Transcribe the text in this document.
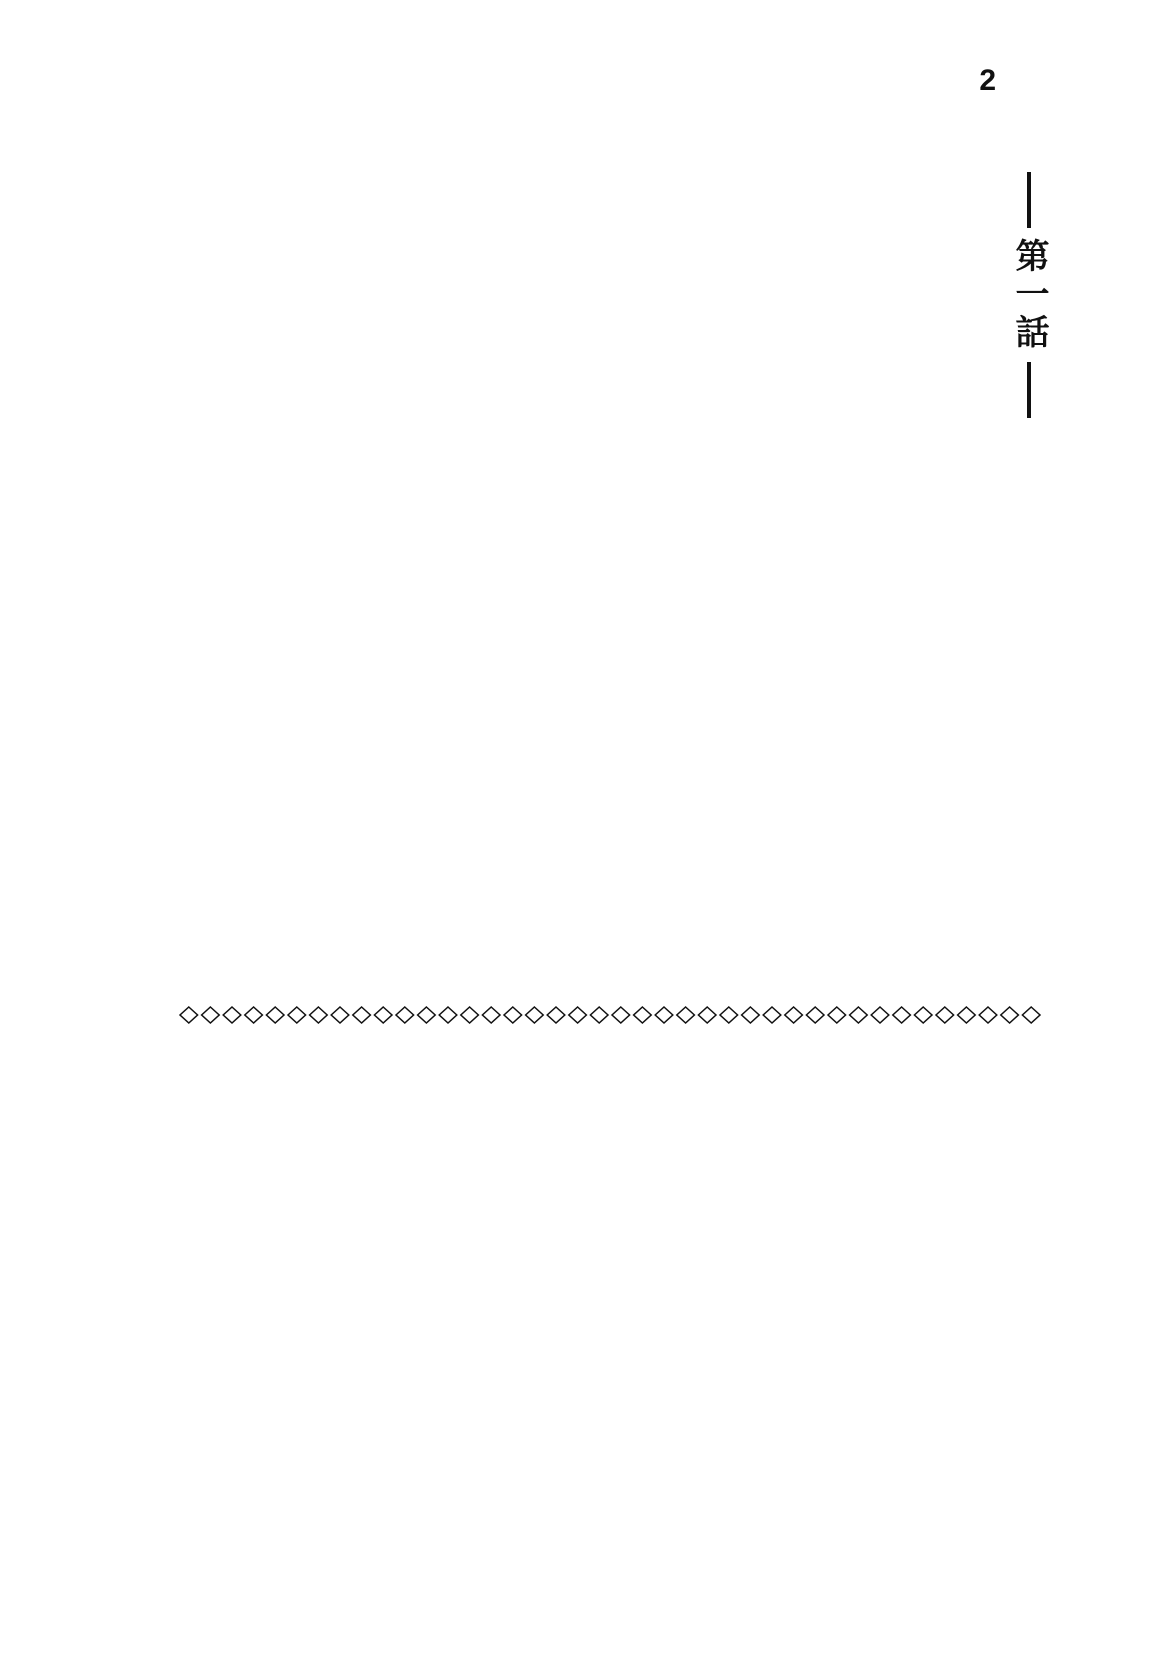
2
第一話
